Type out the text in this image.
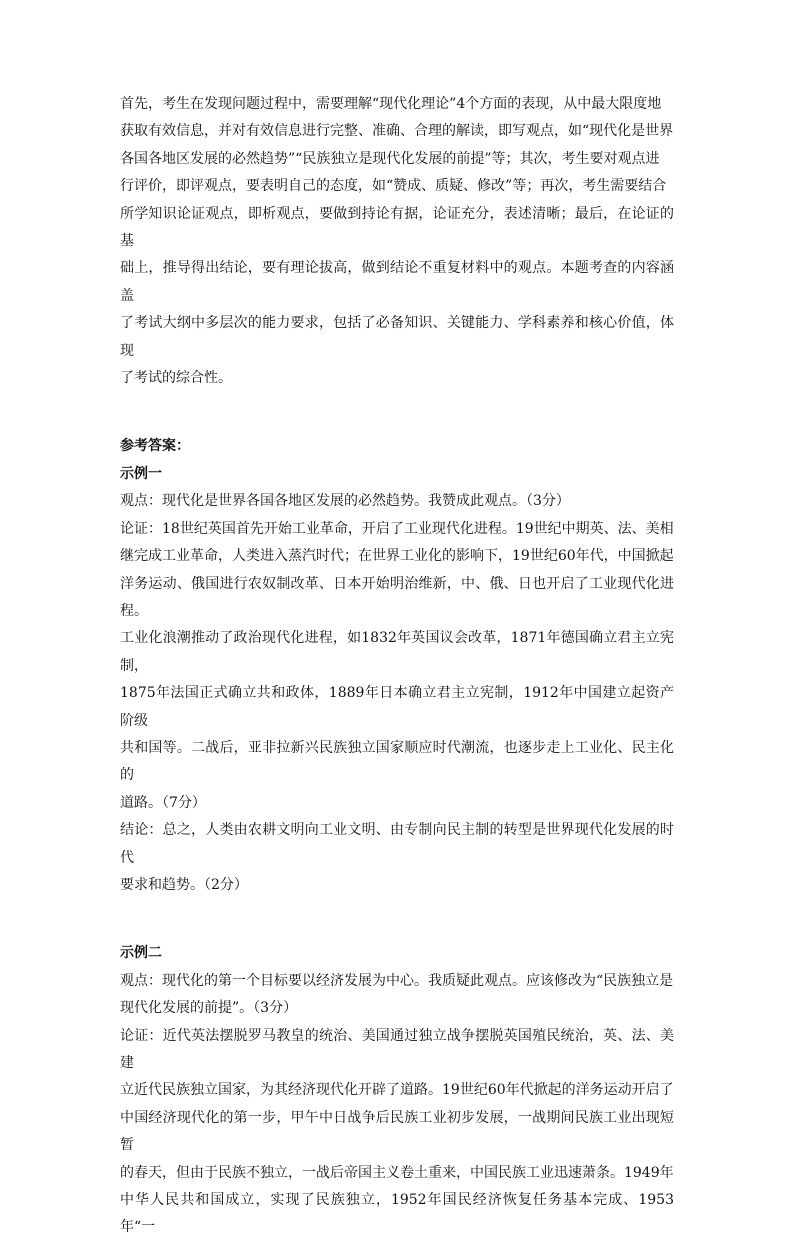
首先，考生在发现问题过程中，需要理解“现代化理论”4个方面的表现，从中最大限度地

获取有效信息，并对有效信息进行完整、准确、合理的解读，即写观点，如“现代化是世界

各国各地区发展的必然趋势”“民族独立是现代化发展的前提”等；其次，考生要对观点进

行评价，即评观点，要表明自己的态度，如“赞成、质疑、修改”等；再次，考生需要结合

所学知识论证观点，即析观点，要做到持论有据，论证充分，表述清晰；最后，在论证的基

础上，推导得出结论，要有理论拔高，做到结论不重复材料中的观点。本题考查的内容涵盖

了考试大纲中多层次的能力要求，包括了必备知识、关键能力、学科素养和核心价值，体现

了考试的综合性。

参考答案：

示例一

观点：现代化是世界各国各地区发展的必然趋势。我赞成此观点。（3分）

论证：18世纪英国首先开始工业革命，开启了工业现代化进程。19世纪中期英、法、美相

继完成工业革命，人类进入蒸汽时代；在世界工业化的影响下，19世纪60年代，中国掀起

洋务运动、俄国进行农奴制改革、日本开始明治维新，中、俄、日也开启了工业现代化进程。

工业化浪潮推动了政治现代化进程，如1832年英国议会改革，1871年德国确立君主立宪制，

1875年法国正式确立共和政体，1889年日本确立君主立宪制，1912年中国建立起资产阶级

共和国等。二战后，亚非拉新兴民族独立国家顺应时代潮流，也逐步走上工业化、民主化的

道路。（7分）

结论：总之，人类由农耕文明向工业文明、由专制向民主制的转型是世界现代化发展的时代

要求和趋势。（2分）

示例二

观点：现代化的第一个目标要以经济发展为中心。我质疑此观点。应该修改为“民族独立是

现代化发展的前提”。（3分）

论证：近代英法摆脱罗马教皇的统治、美国通过独立战争摆脱英国殖民统治，英、法、美建

立近代民族独立国家，为其经济现代化开辟了道路。19世纪60年代掀起的洋务运动开启了

中国经济现代化的第一步，甲午中日战争后民族工业初步发展，一战期间民族工业出现短暂

的春天，但由于民族不独立，一战后帝国主义卷土重来，中国民族工业迅速萧条。1949年

中华人民共和国成立，实现了民族独立，1952年国民经济恢复任务基本完成、1953年“一
